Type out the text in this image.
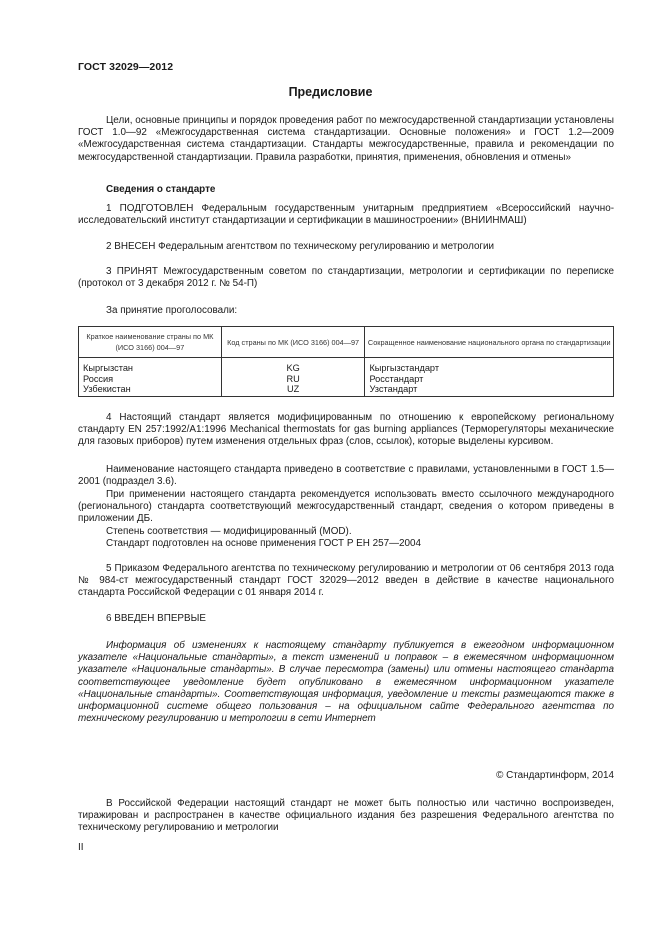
ГОСТ 32029—2012
Предисловие

Цели, основные принципы и порядок проведения работ по межгосударственной стандартизации установлены ГОСТ 1.0—92 «Межгосударственная система стандартизации. Основные положения» и ГОСТ 1.2—2009 «Межгосударственная система стандартизации. Стандарты межгосударственные, правила и рекомендации по межгосударственной стандартизации. Правила разработки, принятия, применения, обновления и отмены»

Сведения о стандарте

1 ПОДГОТОВЛЕН Федеральным государственным унитарным предприятием «Всероссийский научно-исследовательский институт стандартизации и сертификации в машиностроении» (ВНИИНМАШ)

2 ВНЕСЕН Федеральным агентством по техническому регулированию и метрологии

3 ПРИНЯТ Межгосударственным советом по стандартизации, метрологии и сертификации по переписке (протокол от 3 декабря 2012 г. № 54-П)

За принятие проголосовали:
Краткое наименование страны по МК (ИСО 3166) 004—97	Код страны по МК (ИСО 3166) 004—97	Сокращенное наименование национального органа по стандартизации
Кыргызстан	KG	Кыргызстандарт
Россия	RU	Росстандарт
Узбекистан	UZ	Узстандарт

4 Настоящий стандарт является модифицированным по отношению к европейскому региональному стандарту EN 257:1992/A1:1996 Mechanical thermostats for gas burning appliances (Терморегуляторы механические для газовых приборов) путем изменения отдельных фраз (слов, ссылок), которые выделены курсивом.

Наименование настоящего стандарта приведено в соответствие с правилами, установленными в ГОСТ 1.5—2001 (подраздел 3.6).

При применении настоящего стандарта рекомендуется использовать вместо ссылочного международного (регионального) стандарта соответствующий межгосударственный стандарт, сведения о котором приведены в приложении ДБ.

Степень соответствия — модифицированный (MOD).

Стандарт подготовлен на основе применения ГОСТ Р ЕН 257—2004

5 Приказом Федерального агентства по техническому регулированию и метрологии от 06 сентября 2013 года № 984-ст межгосударственный стандарт ГОСТ 32029—2012 введен в действие в качестве национального стандарта Российской Федерации с 01 января 2014 г.

6 ВВЕДЕН ВПЕРВЫЕ

Информация об изменениях к настоящему стандарту публикуется в ежегодном информационном указателе «Национальные стандарты», а текст изменений и поправок – в ежемесячном информационном указателе «Национальные стандарты». В случае пересмотра (замены) или отмены настоящего стандарта соответствующее уведомление будет опубликовано в ежемесячном информационном указателе «Национальные стандарты». Соответствующая информация, уведомление и тексты размещаются также в информационной системе общего пользования – на официальном сайте Федерального агентства по техническому регулированию и метрологии в сети Интернет

© Стандартинформ, 2014

В Российской Федерации настоящий стандарт не может быть полностью или частично воспроизведен, тиражирован и распространен в качестве официального издания без разрешения Федерального агентства по техническому регулированию и метрологии

II
